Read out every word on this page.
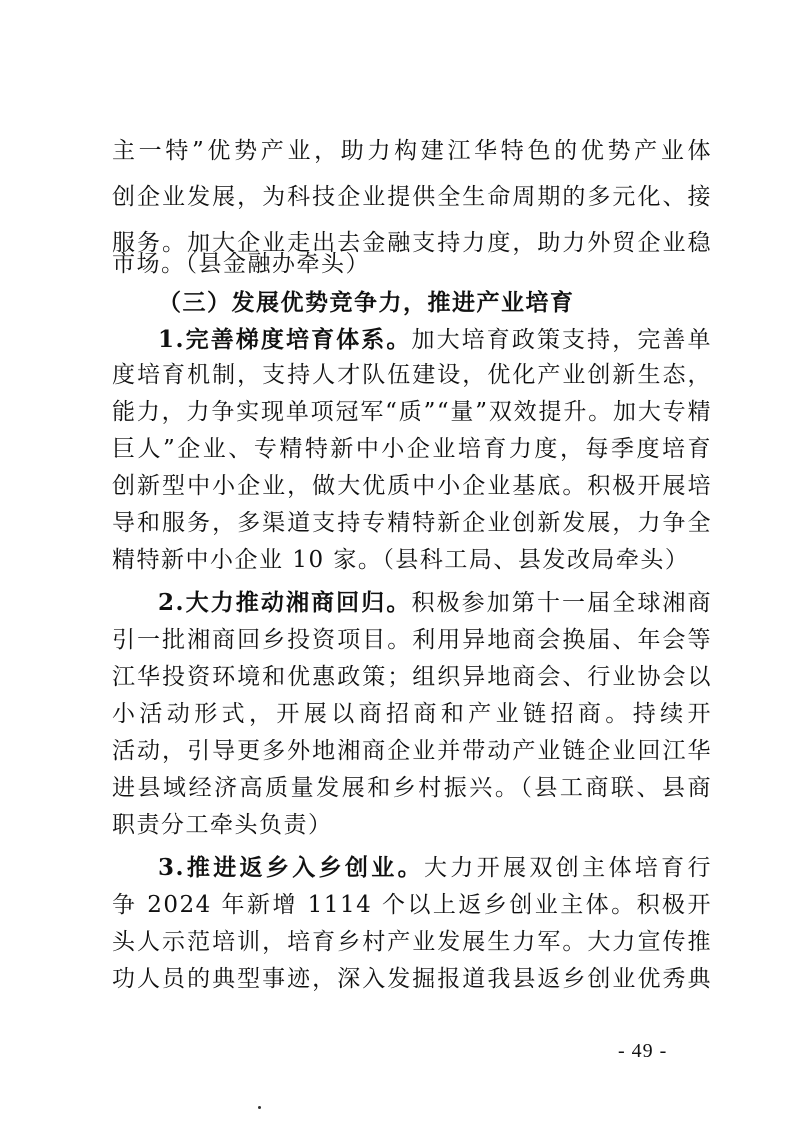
主一特”优势产业，助力构建江华特色的优势产业体
创企业发展，为科技企业提供全生命周期的多元化、接
服务。加大企业走出去金融支持力度，助力外贸企业稳
市场。（县金融办牵头）
（三）发展优势竞争力，推进产业培育
1.完善梯度培育体系。加大培育政策支持，完善单
度培育机制，支持人才队伍建设，优化产业创新生态，
能力，力争实现单项冠军“质”“量”双效提升。加大专精
巨人”企业、专精特新中小企业培育力度，每季度培育
创新型中小企业，做大优质中小企业基底。积极开展培
导和服务，多渠道支持专精特新企业创新发展，力争全
精特新中小企业 10 家。（县科工局、县发改局牵头）
2.大力推动湘商回归。积极参加第十一届全球湘商
引一批湘商回乡投资项目。利用异地商会换届、年会等
江华投资环境和优惠政策；组织异地商会、行业协会以
小活动形式，开展以商招商和产业链招商。持续开
活动，引导更多外地湘商企业并带动产业链企业回江华
进县域经济高质量发展和乡村振兴。（县工商联、县商
职责分工牵头负责）
3.推进返乡入乡创业。大力开展双创主体培育行
争 2024 年新增 1114 个以上返乡创业主体。积极开
头人示范培训，培育乡村产业发展生力军。大力宣传推
功人员的典型事迹，深入发掘报道我县返乡创业优秀典
- 49 -
